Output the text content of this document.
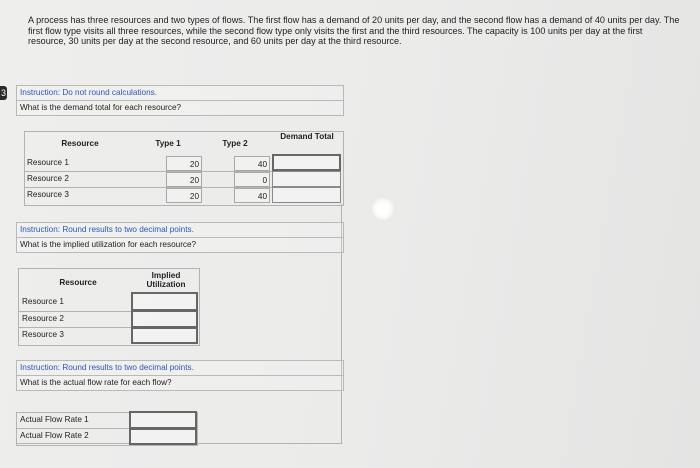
3

A process has three resources and two types of flows. The first flow has a demand of 20 units per day, and the second flow has a demand of 40 units per day. The first flow type visits all three resources, while the second flow type only visits the first and the third resources. The capacity is 100 units per day at the first resource, 30 units per day at the second resource, and 60 units per day at the third resource.

Instruction: Do not round calculations.
What is the demand total for each resource?
Resource	Type 1	Type 2
Demand Total
Resource 1
Resource 2
Resource 3
20
20
20
40
0
40
Instruction: Round results to two decimal points.
What is the implied utilization for each resource?
Resource
Implied Utilization
Resource 1
Resource 2
Resource 3
Instruction: Round results to two decimal points.
What is the actual flow rate for each flow?
Actual Flow Rate 1
Actual Flow Rate 2
